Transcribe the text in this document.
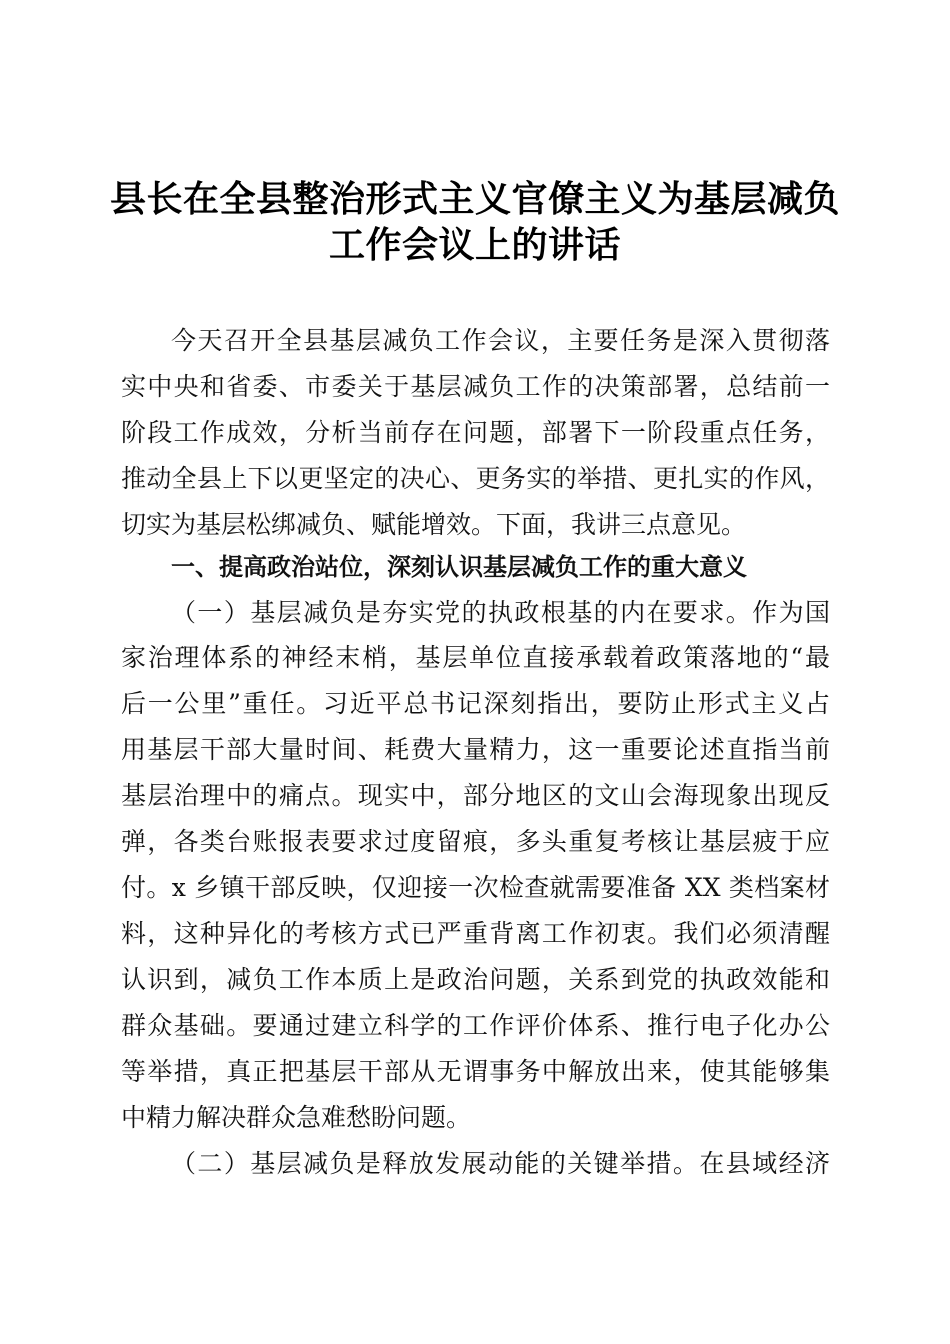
县长在全县整治形式主义官僚主义为基层减负
工作会议上的讲话
今天召开全县基层减负工作会议，主要任务是深入贯彻落
实中央和省委、市委关于基层减负工作的决策部署，总结前一
阶段工作成效，分析当前存在问题，部署下一阶段重点任务，
推动全县上下以更坚定的决心、更务实的举措、更扎实的作风，
切实为基层松绑减负、赋能增效。下面，我讲三点意见。
一、提高政治站位，深刻认识基层减负工作的重大意义
（一）基层减负是夯实党的执政根基的内在要求。作为国
家治理体系的神经末梢，基层单位直接承载着政策落地的“最
后一公里”重任。习近平总书记深刻指出，要防止形式主义占
用基层干部大量时间、耗费大量精力，这一重要论述直指当前
基层治理中的痛点。现实中，部分地区的文山会海现象出现反
弹，各类台账报表要求过度留痕，多头重复考核让基层疲于应
付。x 乡镇干部反映，仅迎接一次检查就需要准备 XX 类档案材
料，这种异化的考核方式已严重背离工作初衷。我们必须清醒
认识到，减负工作本质上是政治问题，关系到党的执政效能和
群众基础。要通过建立科学的工作评价体系、推行电子化办公
等举措，真正把基层干部从无谓事务中解放出来，使其能够集
中精力解决群众急难愁盼问题。
（二）基层减负是释放发展动能的关键举措。在县域经济
